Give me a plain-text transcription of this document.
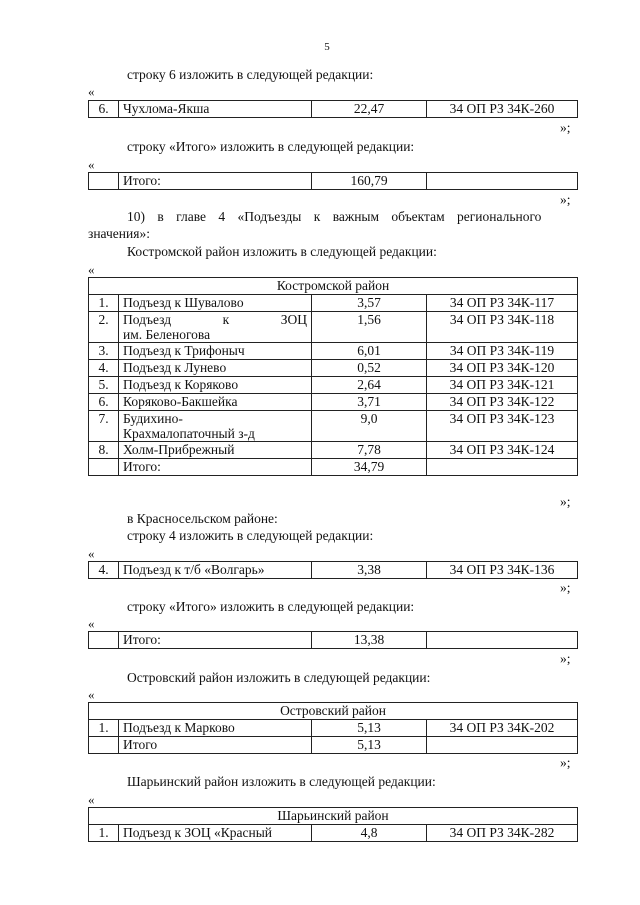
5
строку 6 изложить в следующей редакции:
«
6.	Чухлома-Якша	22,47	34 ОП РЗ 34К-260
»;
строку «Итого» изложить в следующей редакции:
«
	Итого:	160,79	
»;
10) в главе 4 «Подъезды к важным объектам регионального
значения»:
Костромской район изложить в следующей редакции:
«
Костромской район			
1.	Подъезд к Шувалово	3,57	34 ОП РЗ 34К-117
2.	Подъезд к ЗОЦ
им. Беленогова	1,56	34 ОП РЗ 34К-118
3.	Подъезд к Трифоныч	6,01	34 ОП РЗ 34К-119
4.	Подъезд к Лунево	0,52	34 ОП РЗ 34К-120
5.	Подъезд к Коряково	2,64	34 ОП РЗ 34К-121
6.	Коряково-Бакшейка	3,71	34 ОП РЗ 34К-122
7.	Будихино-
Крахмалопаточный з-д	9,0	34 ОП РЗ 34К-123
8.	Холм-Прибрежный	7,78	34 ОП РЗ 34К-124
	Итого:	34,79	
»;
в Красносельском районе:
строку 4 изложить в следующей редакции:
«
4.	Подъезд к т/б «Волгарь»	3,38	34 ОП РЗ 34К-136
»;
строку «Итого» изложить в следующей редакции:
«
	Итого:	13,38	
»;
Островский район изложить в следующей редакции:
«
Островский район			
1.	Подъезд к Марково	5,13	34 ОП РЗ 34К-202
	Итого	5,13	
»;
Шарьинский район изложить в следующей редакции:
«
Шарьинский район
1.	Подъезд к ЗОЦ «Красный	4,8	34 ОП РЗ 34К-282
